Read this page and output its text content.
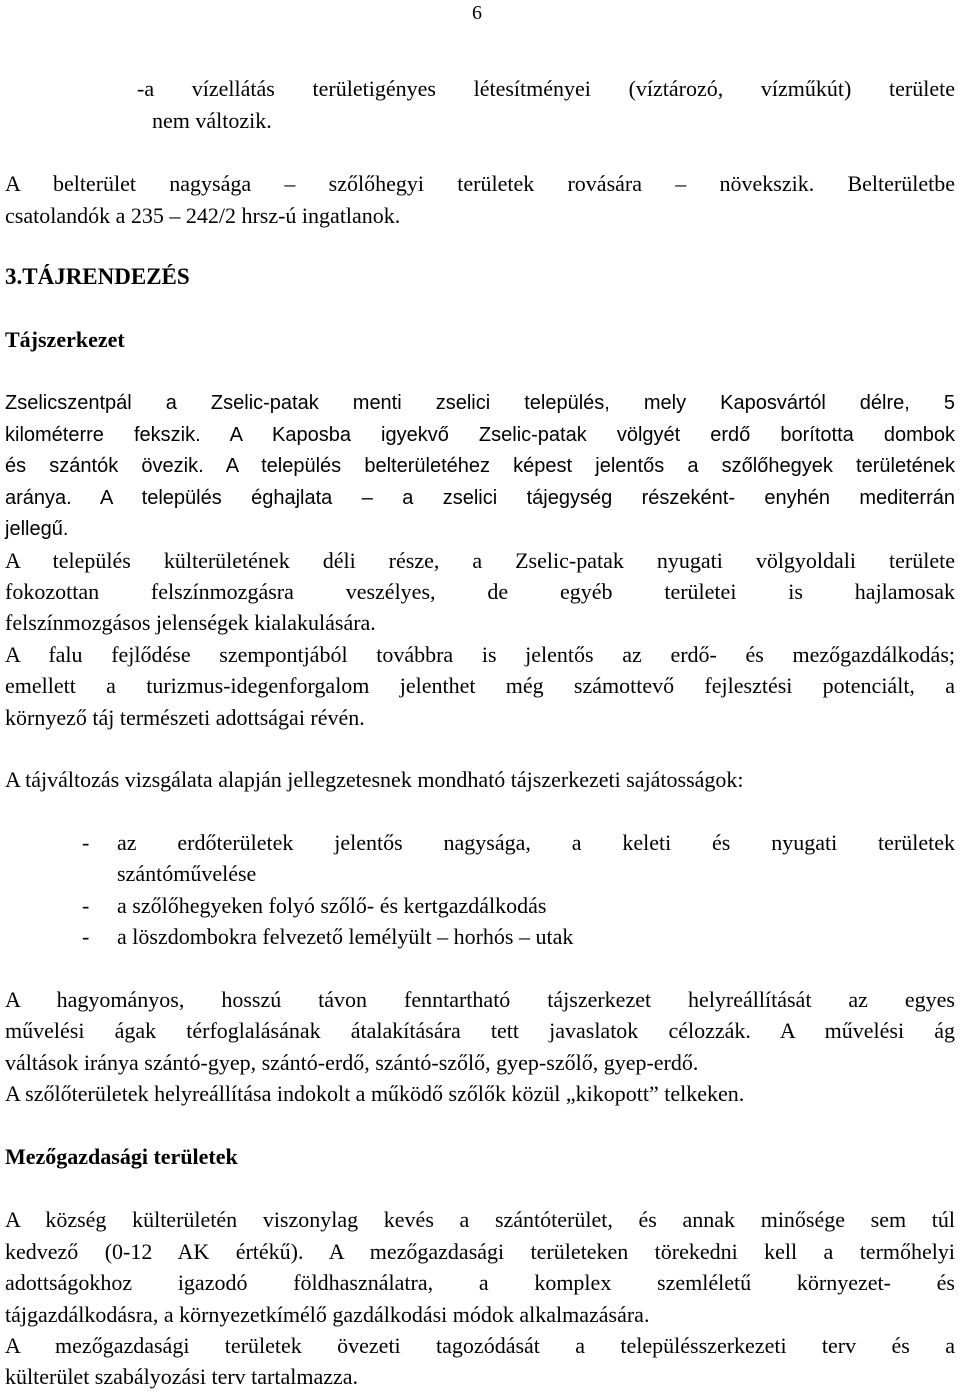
6
-a vízellátás területigényes létesítményei (víztározó, vízműkút) területe
nem változik.
A belterület nagysága – szőlőhegyi területek rovására – növekszik. Belterületbe
csatolandók a 235 – 242/2 hrsz-ú ingatlanok.
3.TÁJRENDEZÉS
Tájszerkezet
Zselicszentpál a Zselic-patak menti zselici település, mely Kaposvártól délre, 5
kilométerre fekszik. A Kaposba igyekvő Zselic-patak völgyét erdő borította dombok
és szántók övezik. A település belterületéhez képest jelentős a szőlőhegyek területének
aránya. A település éghajlata – a zselici tájegység részeként- enyhén mediterrán
jellegű.
A település külterületének déli része, a Zselic-patak nyugati völgyoldali területe
fokozottan felszínmozgásra veszélyes, de egyéb területei is hajlamosak
felszínmozgásos jelenségek kialakulására.
A falu fejlődése szempontjából továbbra is jelentős az erdő- és mezőgazdálkodás;
emellett a turizmus-idegenforgalom jelenthet még számottevő fejlesztési potenciált, a
környező táj természeti adottságai révén.
A tájváltozás vizsgálata alapján jellegzetesnek mondható tájszerkezeti sajátosságok:
- az erdőterületek jelentős nagysága, a keleti és nyugati területek
szántóművelése
- a szőlőhegyeken folyó szőlő- és kertgazdálkodás
- a löszdombokra felvezető lemélyült – horhós – utak
A hagyományos, hosszú távon fenntartható tájszerkezet helyreállítását az egyes
művelési ágak térfoglalásának átalakítására tett javaslatok célozzák. A művelési ág
váltások iránya szántó-gyep, szántó-erdő, szántó-szőlő, gyep-szőlő, gyep-erdő.
A szőlőterületek helyreállítása indokolt a működő szőlők közül „kikopott” telkeken.
Mezőgazdasági területek
A község külterületén viszonylag kevés a szántóterület, és annak minősége sem túl
kedvező (0-12 AK értékű). A mezőgazdasági területeken törekedni kell a termőhelyi
adottságokhoz igazodó földhasználatra, a komplex szemléletű környezet- és
tájgazdálkodásra, a környezetkímélő gazdálkodási módok alkalmazására.
A mezőgazdasági területek övezeti tagozódását a településszerkezeti terv és a
külterület szabályozási terv tartalmazza.
